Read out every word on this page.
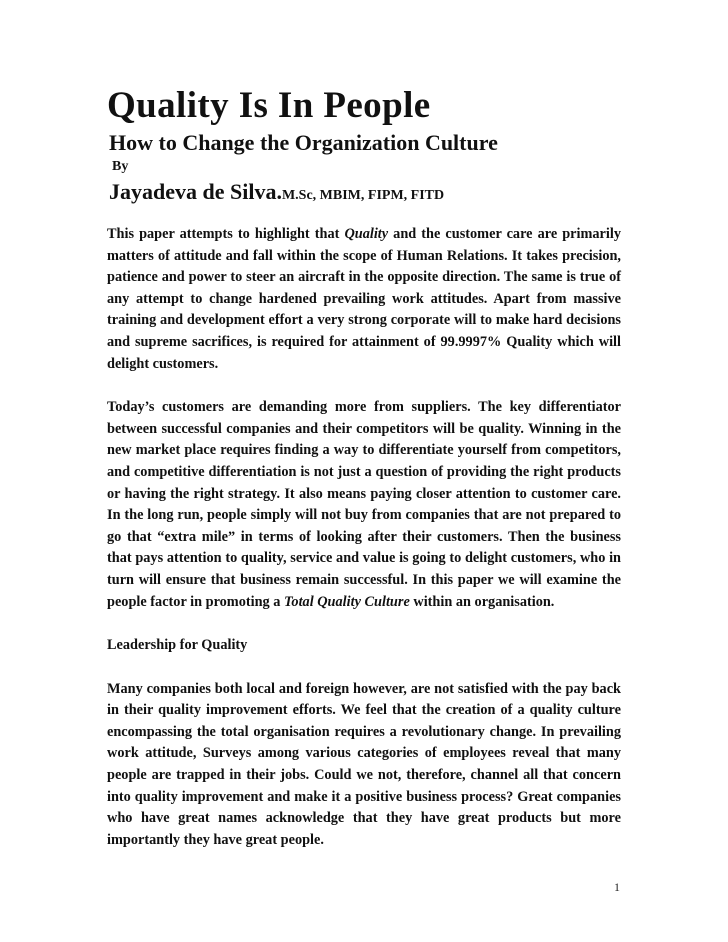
Quality Is In People
How to Change the Organization Culture
By
Jayadeva de Silva.M.Sc, MBIM, FIPM, FITD

This paper attempts to highlight that Quality and the customer care are primarily matters of attitude and fall within the scope of Human Relations. It takes precision, patience and power to steer an aircraft in the opposite direction. The same is true of any attempt to change hardened prevailing work attitudes. Apart from massive training and development effort a very strong corporate will to make hard decisions and supreme sacrifices, is required for attainment of 99.9997% Quality which will delight customers.

Today’s customers are demanding more from suppliers. The key differentiator between successful companies and their competitors will be quality. Winning in the new market place requires finding a way to differentiate yourself from competitors, and competitive differentiation is not just a question of providing the right products or having the right strategy. It also means paying closer attention to customer care. In the long run, people simply will not buy from companies that are not prepared to go that “extra mile” in terms of looking after their customers. Then the business that pays attention to quality, service and value is going to delight customers, who in turn will ensure that business remain successful. In this paper we will examine the people factor in promoting a Total Quality Culture within an organisation.

Leadership for Quality

Many companies both local and foreign however, are not satisfied with the pay back in their quality improvement efforts. We feel that the creation of a quality culture encompassing the total organisation requires a revolutionary change. In prevailing work attitude, Surveys among various categories of employees reveal that many people are trapped in their jobs. Could we not, therefore, channel all that concern into quality improvement and make it a positive business process? Great companies who have great names acknowledge that they have great products but more importantly they have great people.

1
